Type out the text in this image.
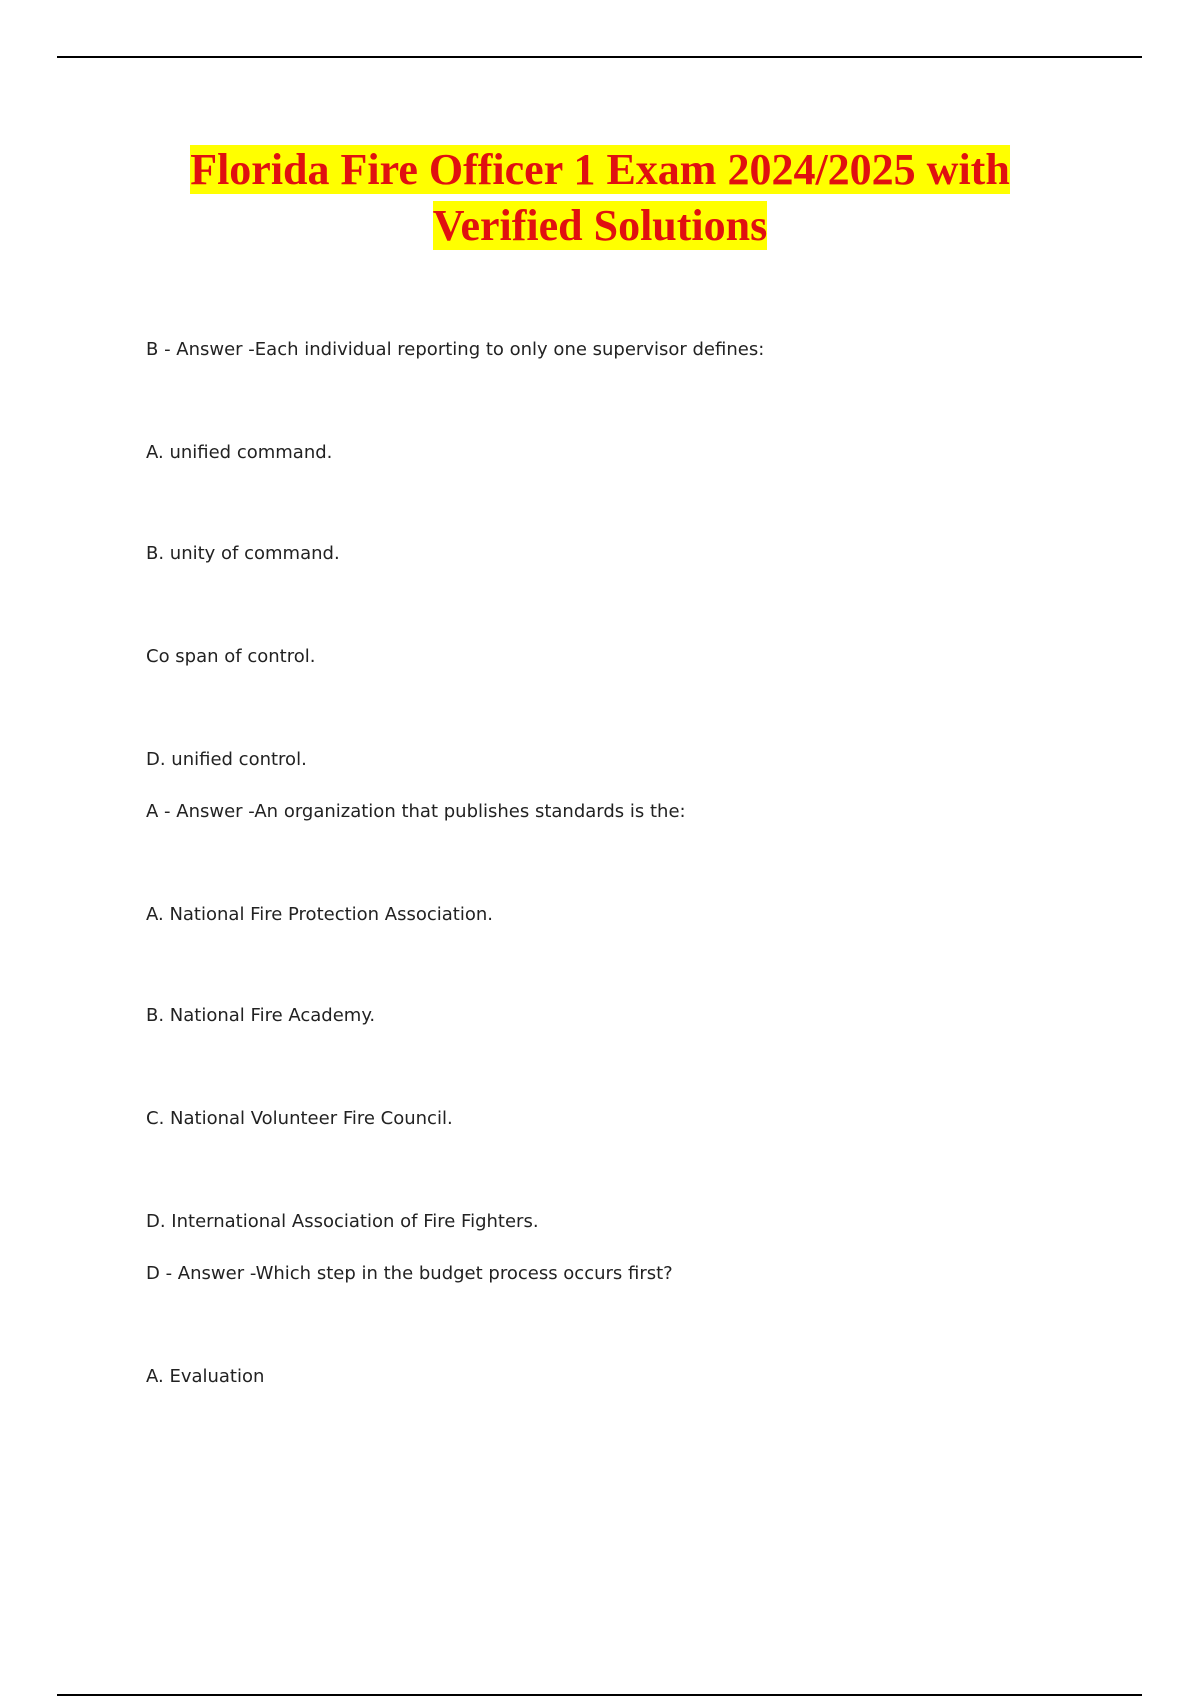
Florida Fire Officer 1 Exam 2024/2025 with
Verified Solutions

B - Answer -Each individual reporting to only one supervisor defines:

A. unified command.

B. unity of command.

Co span of control.

D. unified control.

A - Answer -An organization that publishes standards is the:

A. National Fire Protection Association.

B. National Fire Academy.

C. National Volunteer Fire Council.

D. International Association of Fire Fighters.

D - Answer -Which step in the budget process occurs first?

A. Evaluation
